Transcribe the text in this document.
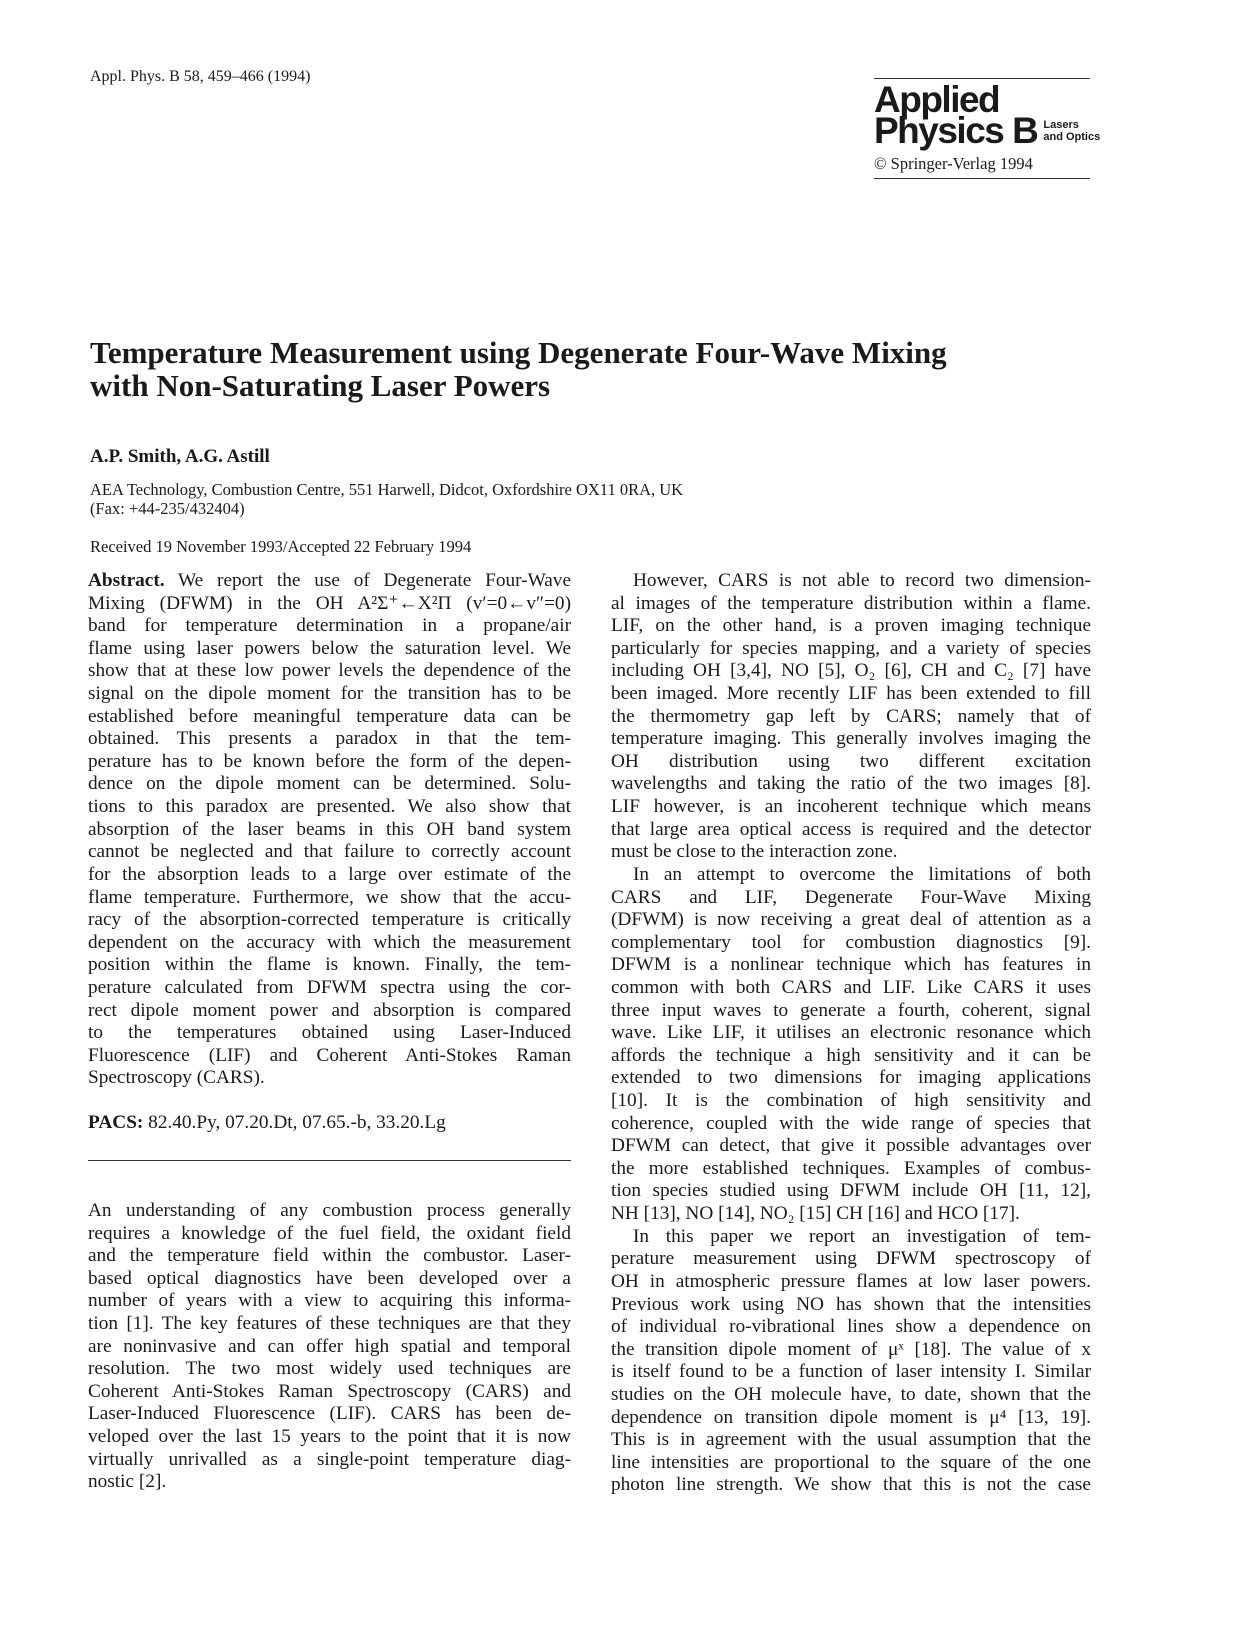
Appl. Phys. B 58, 459–466 (1994)
Applied
Physics B Lasers
and Optics
© Springer-Verlag 1994
Temperature Measurement using Degenerate Four-Wave Mixing
with Non-Saturating Laser Powers
A.P. Smith, A.G. Astill
AEA Technology, Combustion Centre, 551 Harwell, Didcot, Oxfordshire OX11 0RA, UK
(Fax: +44-235/432404)
Received 19 November 1993/Accepted 22 February 1994
Abstract. We report the use of Degenerate Four-Wave
Mixing (DFWM) in the OH A²Σ⁺←X²Π (v′=0←v″=0)
band for temperature determination in a propane/air
flame using laser powers below the saturation level. We
show that at these low power levels the dependence of the
signal on the dipole moment for the transition has to be
established before meaningful temperature data can be
obtained. This presents a paradox in that the tem-
perature has to be known before the form of the depen-
dence on the dipole moment can be determined. Solu-
tions to this paradox are presented. We also show that
absorption of the laser beams in this OH band system
cannot be neglected and that failure to correctly account
for the absorption leads to a large over estimate of the
flame temperature. Furthermore, we show that the accu-
racy of the absorption-corrected temperature is critically
dependent on the accuracy with which the measurement
position within the flame is known. Finally, the tem-
perature calculated from DFWM spectra using the cor-
rect dipole moment power and absorption is compared
to the temperatures obtained using Laser-Induced
Fluorescence (LIF) and Coherent Anti-Stokes Raman
Spectroscopy (CARS).
PACS: 82.40.Py, 07.20.Dt, 07.65.-b, 33.20.Lg
An understanding of any combustion process generally
requires a knowledge of the fuel field, the oxidant field
and the temperature field within the combustor. Laser-
based optical diagnostics have been developed over a
number of years with a view to acquiring this informa-
tion [1]. The key features of these techniques are that they
are noninvasive and can offer high spatial and temporal
resolution. The two most widely used techniques are
Coherent Anti-Stokes Raman Spectroscopy (CARS) and
Laser-Induced Fluorescence (LIF). CARS has been de-
veloped over the last 15 years to the point that it is now
virtually unrivalled as a single-point temperature diag-
nostic [2].
However, CARS is not able to record two dimension-
al images of the temperature distribution within a flame.
LIF, on the other hand, is a proven imaging technique
particularly for species mapping, and a variety of species
including OH [3,4], NO [5], O₂ [6], CH and C₂ [7] have
been imaged. More recently LIF has been extended to fill
the thermometry gap left by CARS; namely that of
temperature imaging. This generally involves imaging the
OH distribution using two different excitation
wavelengths and taking the ratio of the two images [8].
LIF however, is an incoherent technique which means
that large area optical access is required and the detector
must be close to the interaction zone.
In an attempt to overcome the limitations of both
CARS and LIF, Degenerate Four-Wave Mixing
(DFWM) is now receiving a great deal of attention as a
complementary tool for combustion diagnostics [9].
DFWM is a nonlinear technique which has features in
common with both CARS and LIF. Like CARS it uses
three input waves to generate a fourth, coherent, signal
wave. Like LIF, it utilises an electronic resonance which
affords the technique a high sensitivity and it can be
extended to two dimensions for imaging applications
[10]. It is the combination of high sensitivity and
coherence, coupled with the wide range of species that
DFWM can detect, that give it possible advantages over
the more established techniques. Examples of combus-
tion species studied using DFWM include OH [11, 12],
NH [13], NO [14], NO₂ [15] CH [16] and HCO [17].
In this paper we report an investigation of tem-
perature measurement using DFWM spectroscopy of
OH in atmospheric pressure flames at low laser powers.
Previous work using NO has shown that the intensities
of individual ro-vibrational lines show a dependence on
the transition dipole moment of μˣ [18]. The value of x
is itself found to be a function of laser intensity I. Similar
studies on the OH molecule have, to date, shown that the
dependence on transition dipole moment is μ⁴ [13, 19].
This is in agreement with the usual assumption that the
line intensities are proportional to the square of the one
photon line strength. We show that this is not the case
